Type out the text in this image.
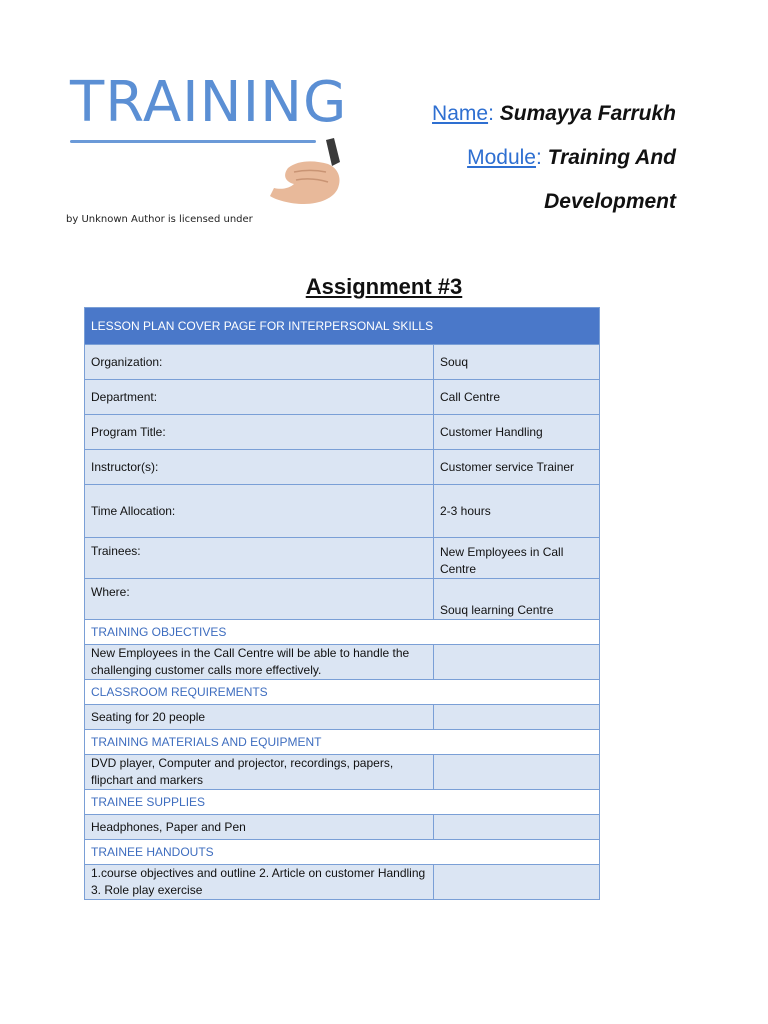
TRAINING
by Unknown Author is licensed under
Name: Sumayya Farrukh
Module: Training And
Development
Assignment #3
LESSON PLAN COVER PAGE FOR INTERPERSONAL SKILLS	
Organization:	Souq
Department:	Call Centre
Program Title:	Customer Handling
Instructor(s):	Customer service Trainer
Time Allocation:	2-3 hours
Trainees:	New Employees in Call Centre
Where:	Souq learning Centre
TRAINING OBJECTIVES	
New Employees in the Call Centre will be able to handle the challenging customer calls more effectively.	
CLASSROOM REQUIREMENTS	
Seating for 20 people	
TRAINING MATERIALS AND EQUIPMENT	
DVD player, Computer and projector, recordings, papers, flipchart and markers	
TRAINEE SUPPLIES	
Headphones, Paper and Pen	
TRAINEE HANDOUTS	
1.course objectives and outline 2. Article on customer Handling 3. Role play exercise	
